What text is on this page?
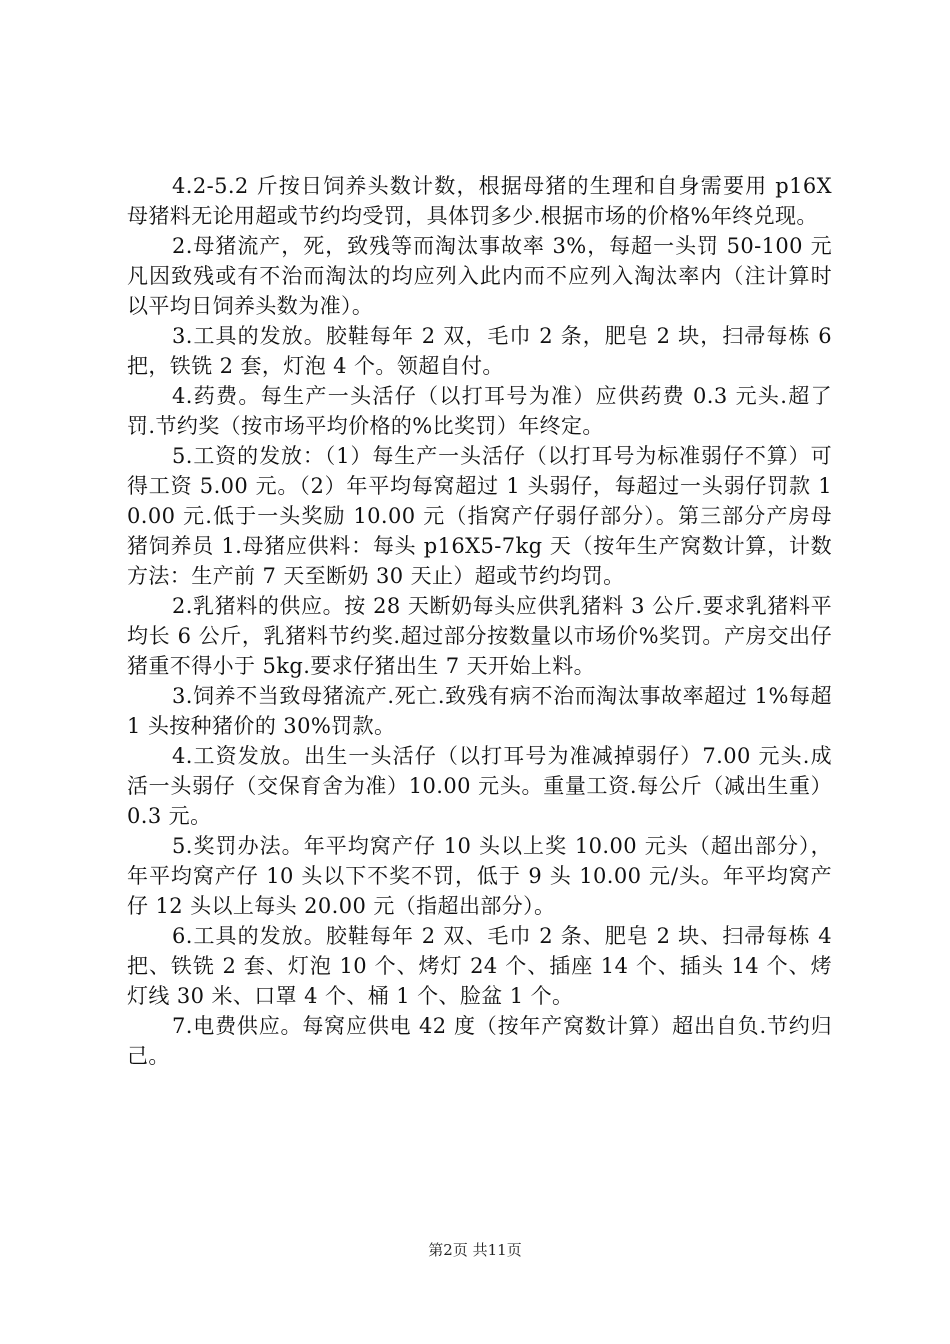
4.2-5.2 斤按日饲养头数计数，根据母猪的生理和自身需要用 p16X 母猪料无论用超或节约均受罚，具体罚多少.根据市场的价格%年终兑现。

2.母猪流产，死，致残等而淘汰事故率 3%，每超一头罚 50-100 元凡因致残或有不治而淘汰的均应列入此内而不应列入淘汰率内（注计算时以平均日饲养头数为准）。

3.工具的发放。胶鞋每年 2 双，毛巾 2 条，肥皂 2 块，扫帚每栋 6 把，铁铣 2 套，灯泡 4 个。领超自付。

4.药费。每生产一头活仔（以打耳号为准）应供药费 0.3 元头.超了罚.节约奖（按市场平均价格的%比奖罚）年终定。

5.工资的发放：（1）每生产一头活仔（以打耳号为标准弱仔不算）可得工资 5.00 元。（2）年平均每窝超过 1 头弱仔，每超过一头弱仔罚款 10.00 元.低于一头奖励 10.00 元（指窝产仔弱仔部分）。第三部分产房母猪饲养员 1.母猪应供料：每头 p16X5-7kg 天（按年生产窝数计算，计数方法：生产前 7 天至断奶 30 天止）超或节约均罚。

2.乳猪料的供应。按 28 天断奶每头应供乳猪料 3 公斤.要求乳猪料平均长 6 公斤，乳猪料节约奖.超过部分按数量以市场价%奖罚。产房交出仔猪重不得小于 5kg.要求仔猪出生 7 天开始上料。

3.饲养不当致母猪流产.死亡.致残有病不治而淘汰事故率超过 1%每超 1 头按种猪价的 30%罚款。

4.工资发放。出生一头活仔（以打耳号为准减掉弱仔）7.00 元头.成活一头弱仔（交保育舍为准）10.00 元头。重量工资.每公斤（减出生重）0.3 元。

5.奖罚办法。年平均窝产仔 10 头以上奖 10.00 元头（超出部分），年平均窝产仔 10 头以下不奖不罚，低于 9 头 10.00 元/头。年平均窝产仔 12 头以上每头 20.00 元（指超出部分）。

6.工具的发放。胶鞋每年 2 双、毛巾 2 条、肥皂 2 块、扫帚每栋 4 把、铁铣 2 套、灯泡 10 个、烤灯 24 个、插座 14 个、插头 14 个、烤灯线 30 米、口罩 4 个、桶 1 个、脸盆 1 个。

7.电费供应。每窝应供电 42 度（按年产窝数计算）超出自负.节约归己。

第2页 共11页
